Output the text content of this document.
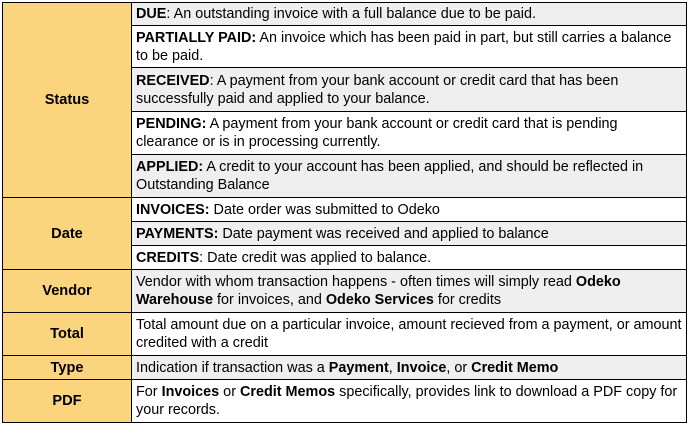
Status	DUE: An outstanding invoice with a full balance due to be paid.
	PARTIALLY PAID: An invoice which has been paid in part, but still carries a balance to be paid.
	RECEIVED: A payment from your bank account or credit card that has been successfully paid and applied to your balance.
	PENDING: A payment from your bank account or credit card that is pending clearance or is in processing currently.
	APPLIED: A credit to your account has been applied, and should be reflected in Outstanding Balance
Date	INVOICES: Date order was submitted to Odeko
	PAYMENTS: Date payment was received and applied to balance
	CREDITS: Date credit was applied to balance.
Vendor	Vendor with whom transaction happens - often times will simply read Odeko Warehouse for invoices, and Odeko Services for credits
Total	Total amount due on a particular invoice, amount recieved from a payment, or amount credited with a credit
Type	Indication if transaction was a Payment, Invoice, or Credit Memo
PDF	For Invoices or Credit Memos specifically, provides link to download a PDF copy for your records.
